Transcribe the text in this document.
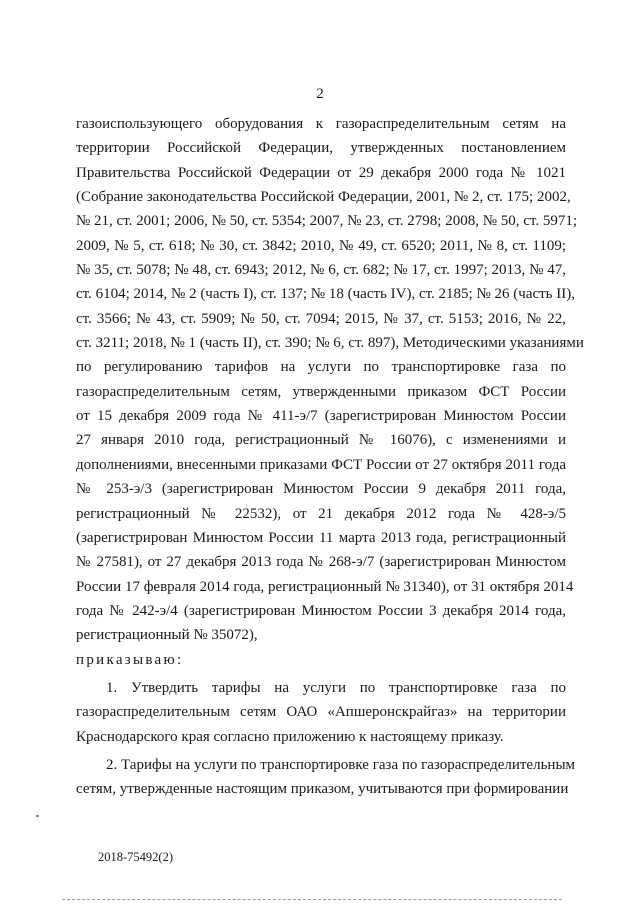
2
газоиспользующего оборудования к газораспределительным сетям на
территории Российской Федерации, утвержденных постановлением
Правительства Российской Федерации от 29 декабря 2000 года № 1021
(Собрание законодательства Российской Федерации, 2001, № 2, ст. 175; 2002,
№ 21, ст. 2001; 2006, № 50, ст. 5354; 2007, № 23, ст. 2798; 2008, № 50, ст. 5971;
2009, № 5, ст. 618; № 30, ст. 3842; 2010, № 49, ст. 6520; 2011, № 8, ст. 1109;
№ 35, ст. 5078; № 48, ст. 6943; 2012, № 6, ст. 682; № 17, ст. 1997; 2013, № 47,
ст. 6104; 2014, № 2 (часть I), ст. 137; № 18 (часть IV), ст. 2185; № 26 (часть II),
ст. 3566; № 43, ст. 5909; № 50, ст. 7094; 2015, № 37, ст. 5153; 2016, № 22,
ст. 3211; 2018, № 1 (часть II), ст. 390; № 6, ст. 897), Методическими указаниями
по регулированию тарифов на услуги по транспортировке газа по
газораспределительным сетям, утвержденными приказом ФСТ России
от 15 декабря 2009 года № 411-э/7 (зарегистрирован Минюстом России
27 января 2010 года, регистрационный № 16076), с изменениями и
дополнениями, внесенными приказами ФСТ России от 27 октября 2011 года
№ 253-э/3 (зарегистрирован Минюстом России 9 декабря 2011 года,
регистрационный № 22532), от 21 декабря 2012 года № 428-э/5
(зарегистрирован Минюстом России 11 марта 2013 года, регистрационный
№ 27581), от 27 декабря 2013 года № 268-э/7 (зарегистрирован Минюстом
России 17 февраля 2014 года, регистрационный № 31340), от 31 октября 2014
года № 242-э/4 (зарегистрирован Минюстом России 3 декабря 2014 года,
регистрационный № 35072),
приказываю:
1. Утвердить тарифы на услуги по транспортировке газа по
газораспределительным сетям ОАО «Апшеронскрайгаз» на территории
Краснодарского края согласно приложению к настоящему приказу.
2. Тарифы на услуги по транспортировке газа по газораспределительным
сетям, утвержденные настоящим приказом, учитываются при формировании
2018-75492(2)
